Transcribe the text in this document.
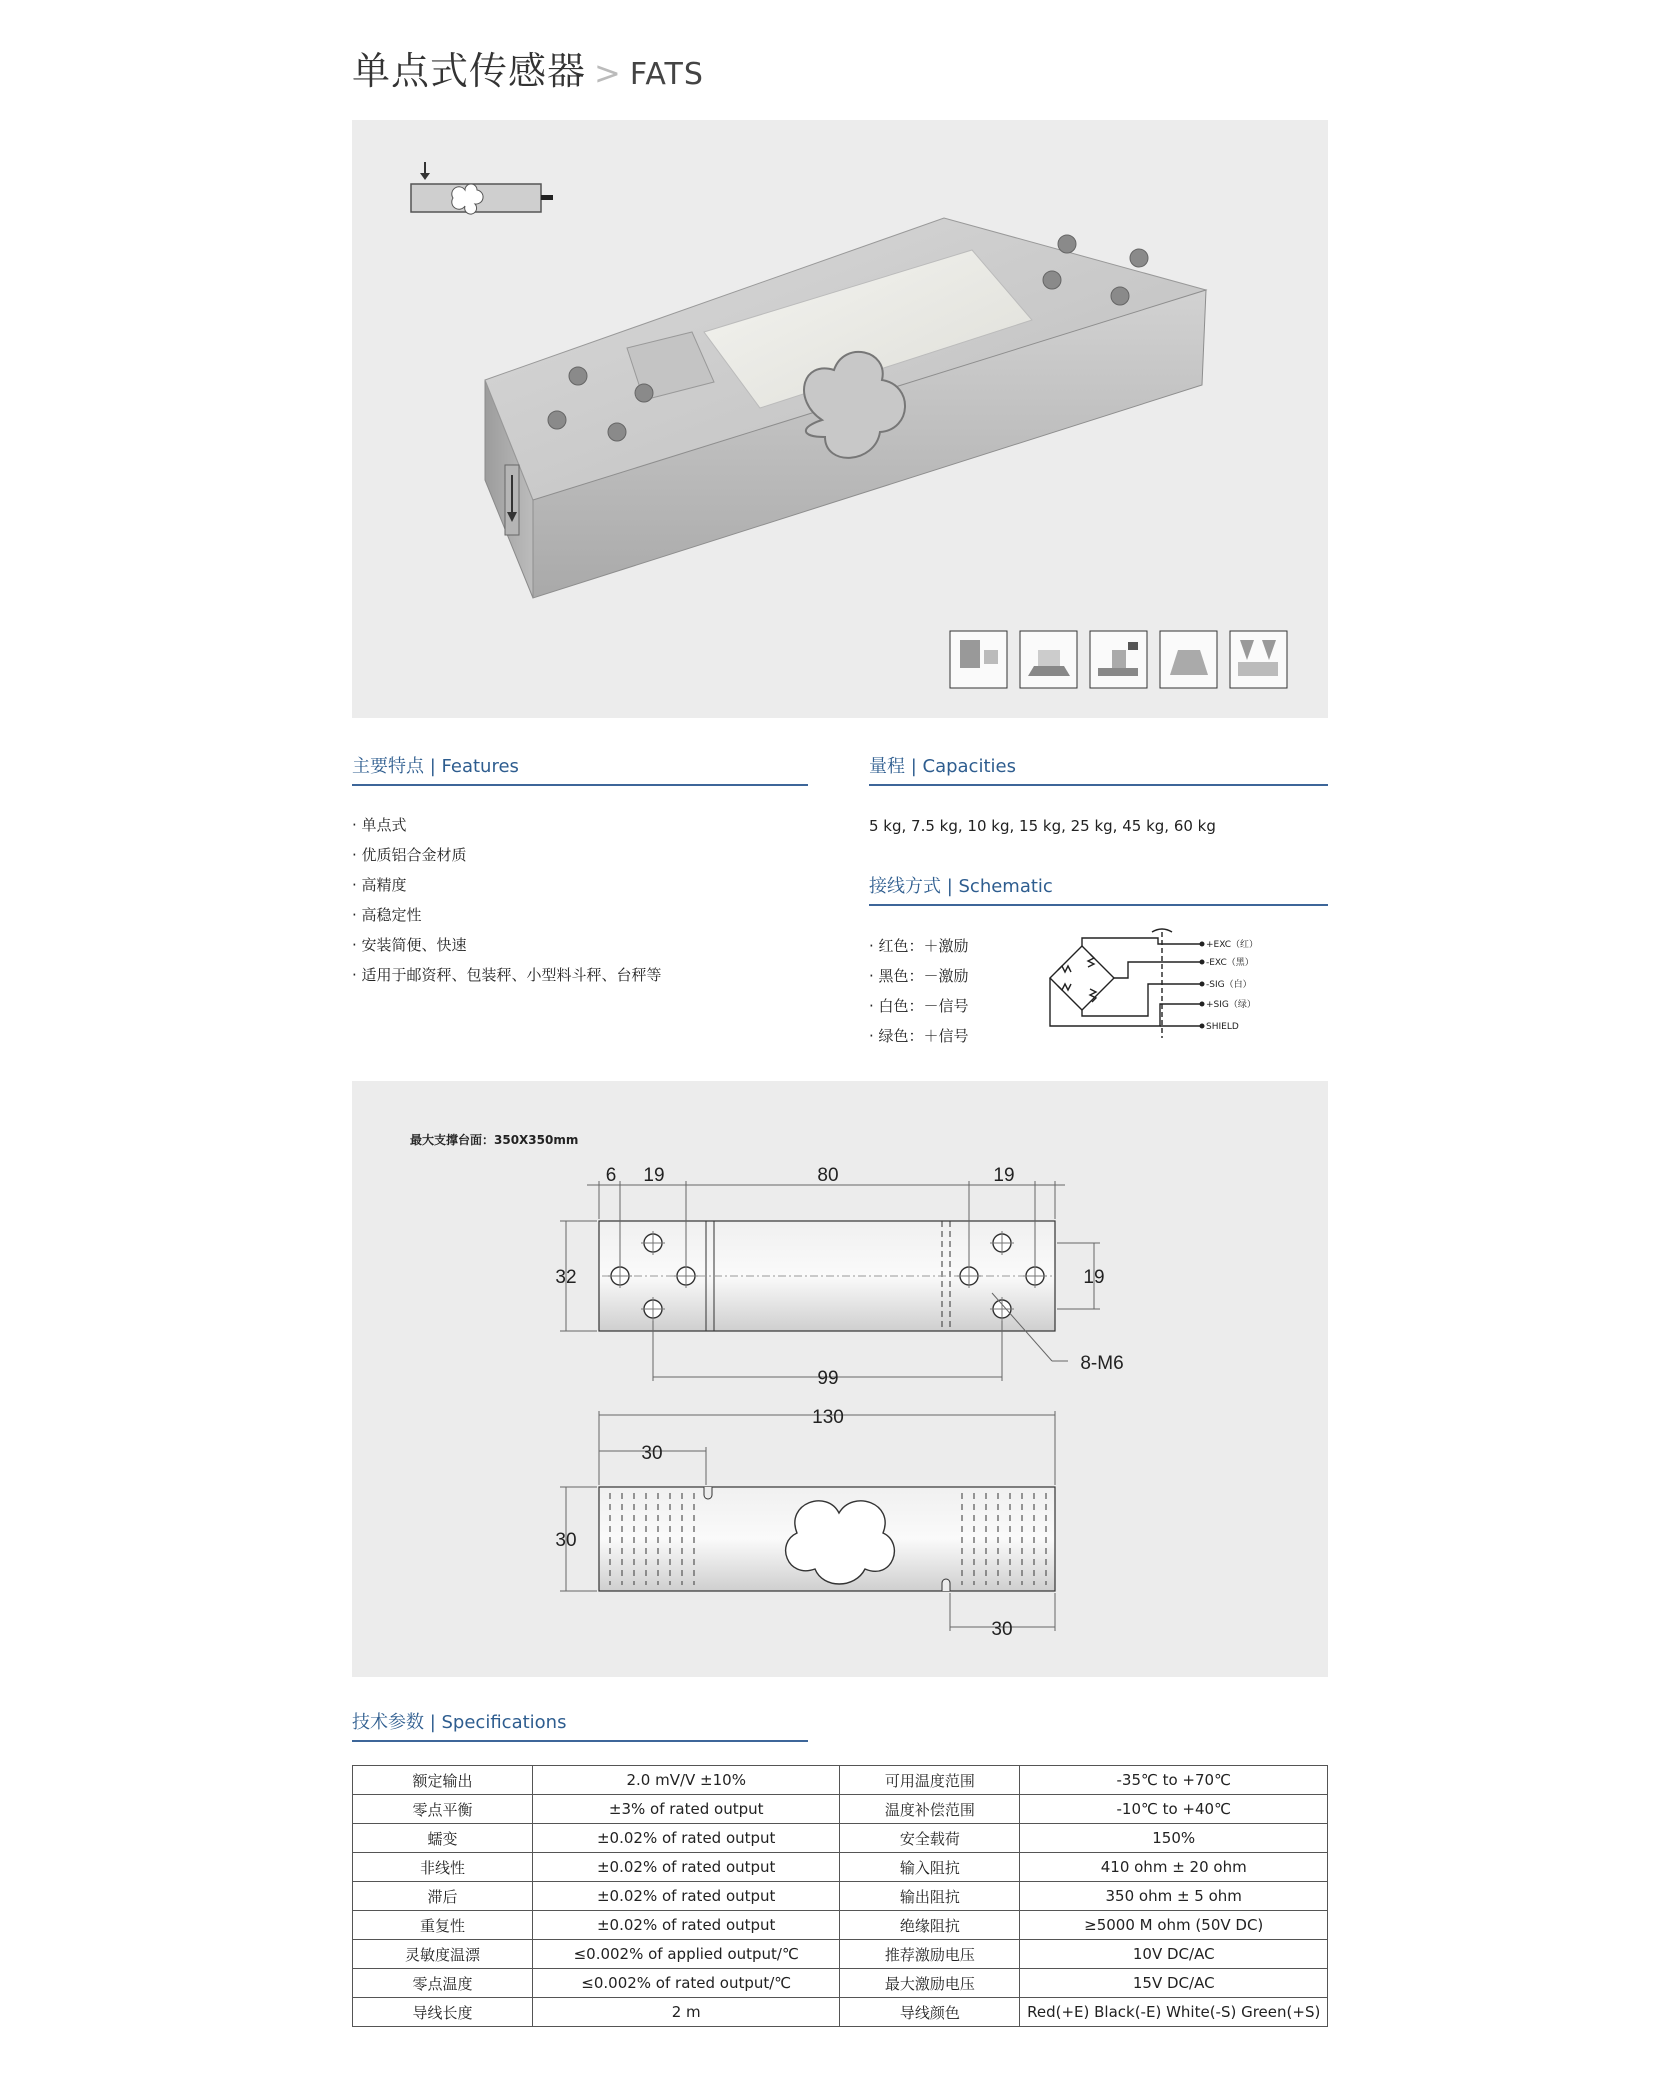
单点式传感器 > FATS
主要特点 | Features
· 单点式
· 优质铝合金材质
· 高精度
· 高稳定性
· 安装简便、快速
· 适用于邮资秤、包装秤、小型料斗秤、台秤等
量程 | Capacities
5 kg, 7.5 kg, 10 kg, 15 kg, 25 kg, 45 kg, 60 kg
接线方式 | Schematic
· 红色：＋激励
· 黑色：－激励
· 白色：－信号
· 绿色：＋信号
+EXC（红）
-EXC（黑）
-SIG（白）
+SIG（绿）
SHIELD
最大支撑台面：350X350mm
6 19	80	19
32	19
99
8-M6
130
30
30
30
技术参数 | Specifications
额定输出	2.0 mV/V ±10%	可用温度范围	-35℃ to +70℃
零点平衡	±3% of rated output	温度补偿范围	-10℃ to +40℃
蠕变	±0.02% of rated output	安全载荷	150%
非线性	±0.02% of rated output	输入阻抗	410 ohm ± 20 ohm
滞后	±0.02% of rated output	输出阻抗	350 ohm ± 5 ohm
重复性	±0.02% of rated output	绝缘阻抗	≥5000 M ohm (50V DC)
灵敏度温漂	≤0.002% of applied output/℃	推荐激励电压	10V DC/AC
零点温度	≤0.002% of rated output/℃	最大激励电压	15V DC/AC
导线长度	2 m	导线颜色	Red(+E) Black(-E) White(-S) Green(+S)
